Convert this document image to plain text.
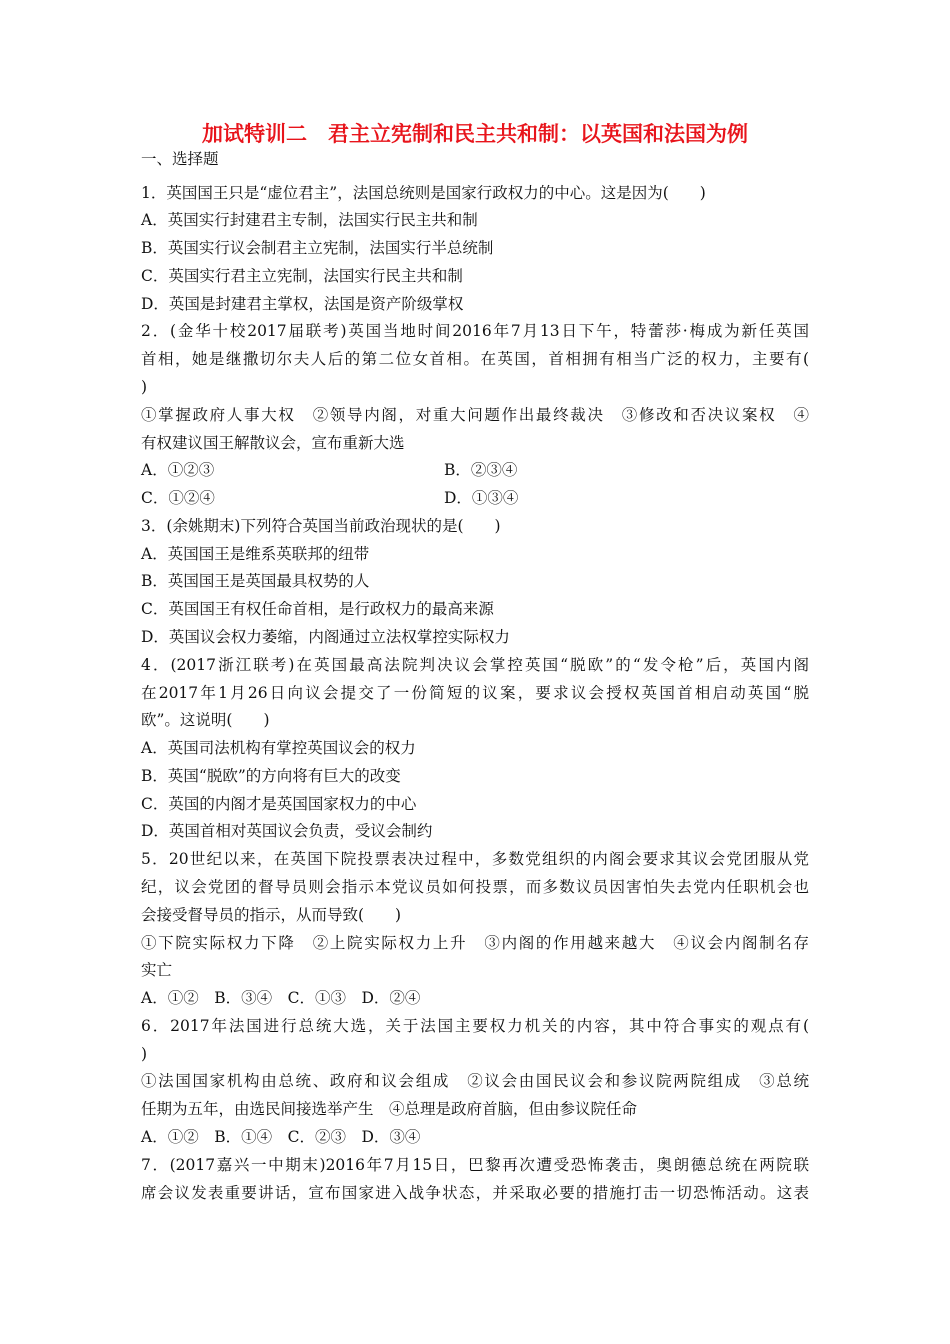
加试特训二　君主立宪制和民主共和制：以英国和法国为例
一、选择题
1．英国国王只是“虚位君主”，法国总统则是国家行政权力的中心。这是因为(　　)
A．英国实行封建君主专制，法国实行民主共和制
B．英国实行议会制君主立宪制，法国实行半总统制
C．英国实行君主立宪制，法国实行民主共和制
D．英国是封建君主掌权，法国是资产阶级掌权
2．(金华十校2017届联考)英国当地时间2016年7月13日下午，特蕾莎·梅成为新任英国
首相，她是继撒切尔夫人后的第二位女首相。在英国，首相拥有相当广泛的权力，主要有(
)
①掌握政府人事大权　②领导内阁，对重大问题作出最终裁决　③修改和否决议案权　④
有权建议国王解散议会，宣布重新大选
A．①②③	B．②③④
C．①②④	D．①③④
3．(余姚期末)下列符合英国当前政治现状的是(　　)
A．英国国王是维系英联邦的纽带
B．英国国王是英国最具权势的人
C．英国国王有权任命首相，是行政权力的最高来源
D．英国议会权力萎缩，内阁通过立法权掌控实际权力
4．(2017浙江联考)在英国最高法院判决议会掌控英国“脱欧”的“发令枪”后，英国内阁
在2017年1月26日向议会提交了一份简短的议案，要求议会授权英国首相启动英国“脱
欧”。这说明(　　)
A．英国司法机构有掌控英国议会的权力
B．英国“脱欧”的方向将有巨大的改变
C．英国的内阁才是英国国家权力的中心
D．英国首相对英国议会负责，受议会制约
5．20世纪以来，在英国下院投票表决过程中，多数党组织的内阁会要求其议会党团服从党
纪，议会党团的督导员则会指示本党议员如何投票，而多数议员因害怕失去党内任职机会也
会接受督导员的指示，从而导致(　　)
①下院实际权力下降　②上院实际权力上升　③内阁的作用越来越大　④议会内阁制名存
实亡
A．①②　B．③④　C．①③　D．②④
6．2017年法国进行总统大选，关于法国主要权力机关的内容，其中符合事实的观点有(
)
①法国国家机构由总统、政府和议会组成　②议会由国民议会和参议院两院组成　③总统
任期为五年，由选民间接选举产生　④总理是政府首脑，但由参议院任命
A．①②　B．①④　C．②③　D．③④
7．(2017嘉兴一中期末)2016年7月15日，巴黎再次遭受恐怖袭击，奥朗德总统在两院联
席会议发表重要讲话，宣布国家进入战争状态，并采取必要的措施打击一切恐怖活动。这表
